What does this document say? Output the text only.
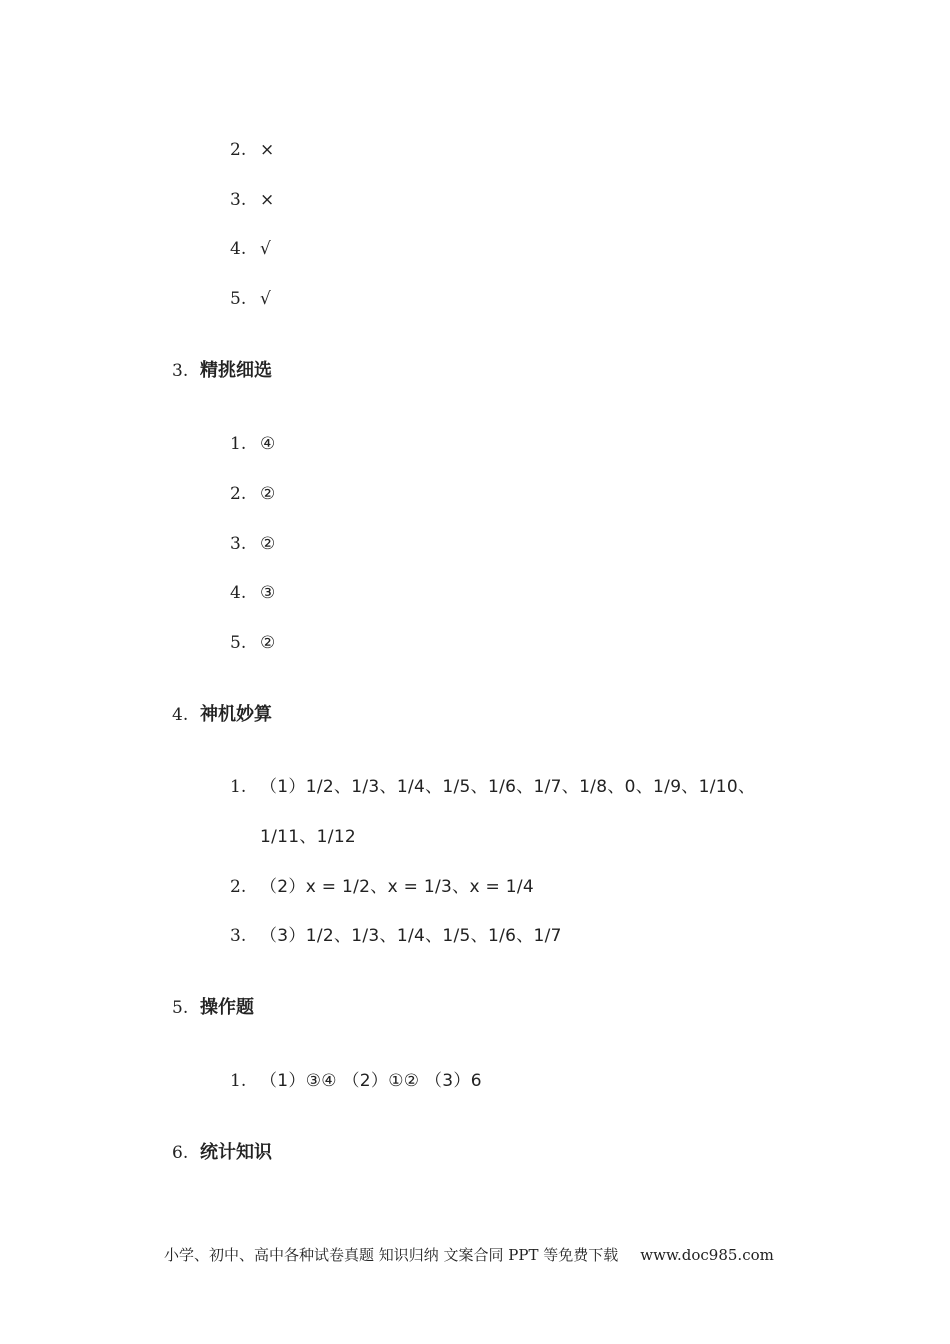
2. ×
3. ×
4. √
5. √
3. 精挑细选
1. ④
2. ②
3. ②
4. ③
5. ②
4. 神机妙算
1. （1）1/2、1/3、1/4、1/5、1/6、1/7、1/8、0、1/9、1/10、
1/11、1/12
2. （2）x = 1/2、x = 1/3、x = 1/4
3. （3）1/2、1/3、1/4、1/5、1/6、1/7
5. 操作题
1. （1）③④ （2）①② （3）6
6. 统计知识
小学、初中、高中各种试卷真题 知识归纳 文案合同 PPT 等免费下载 www.doc985.com
